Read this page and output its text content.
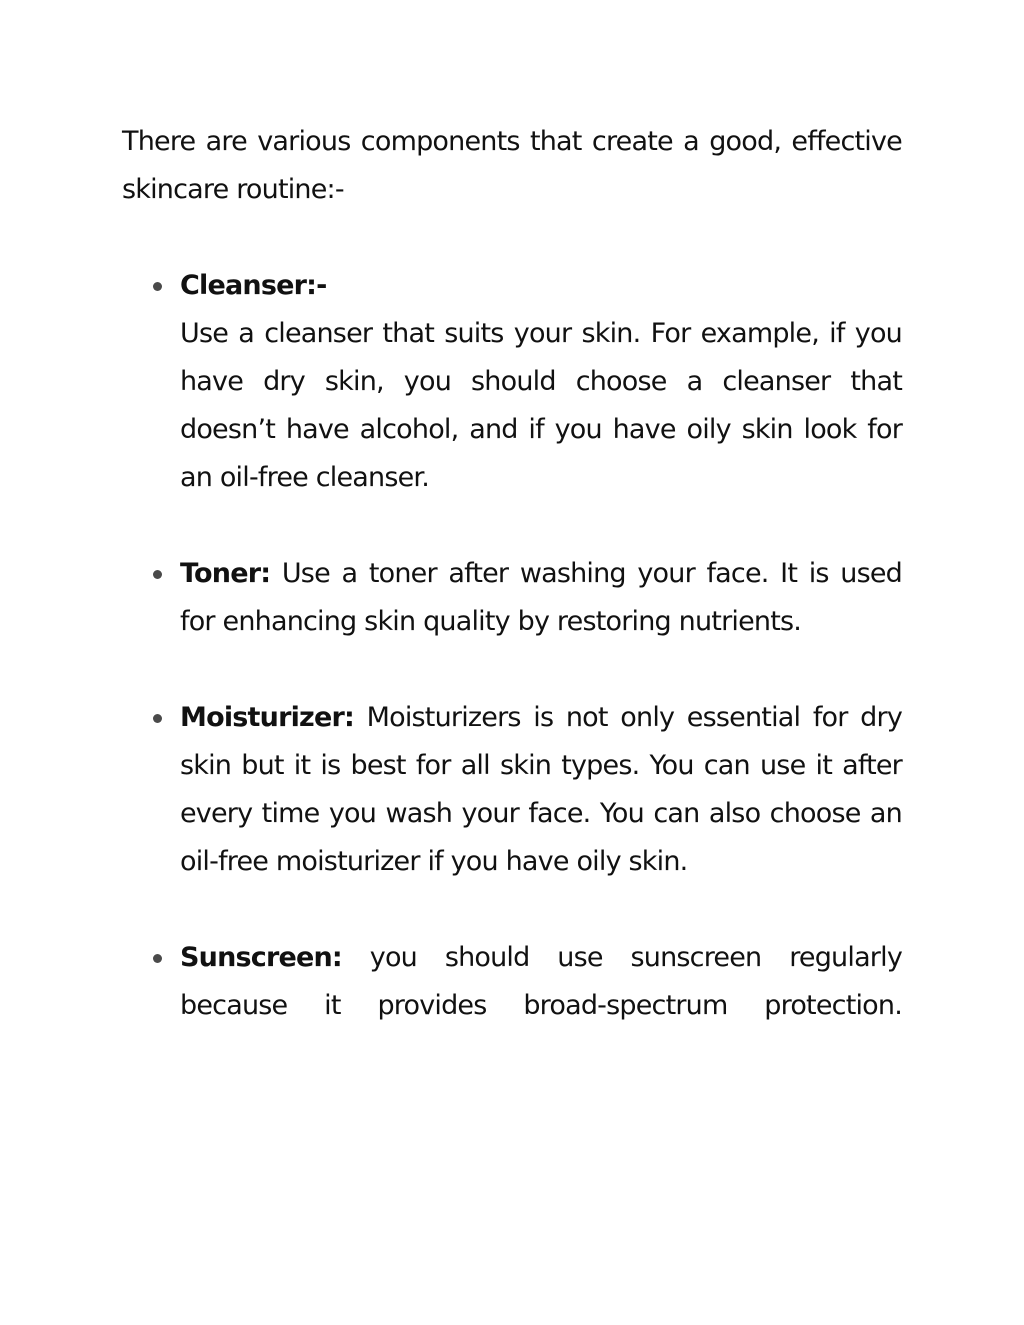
There are various components that create a good, effective skincare routine:-

Cleanser:-
Use a cleanser that suits your skin. For example, if you have dry skin, you should choose a cleanser that doesn’t have alcohol, and if you have oily skin look for an oil-free cleanser.
Toner: Use a toner after washing your face. It is used for enhancing skin quality by restoring nutrients.
Moisturizer: Moisturizers is not only essential for dry skin but it is best for all skin types. You can use it after every time you wash your face. You can also choose an oil-free moisturizer if you have oily skin.
Sunscreen: you should use sunscreen regularly because it provides broad-spectrum protection.
